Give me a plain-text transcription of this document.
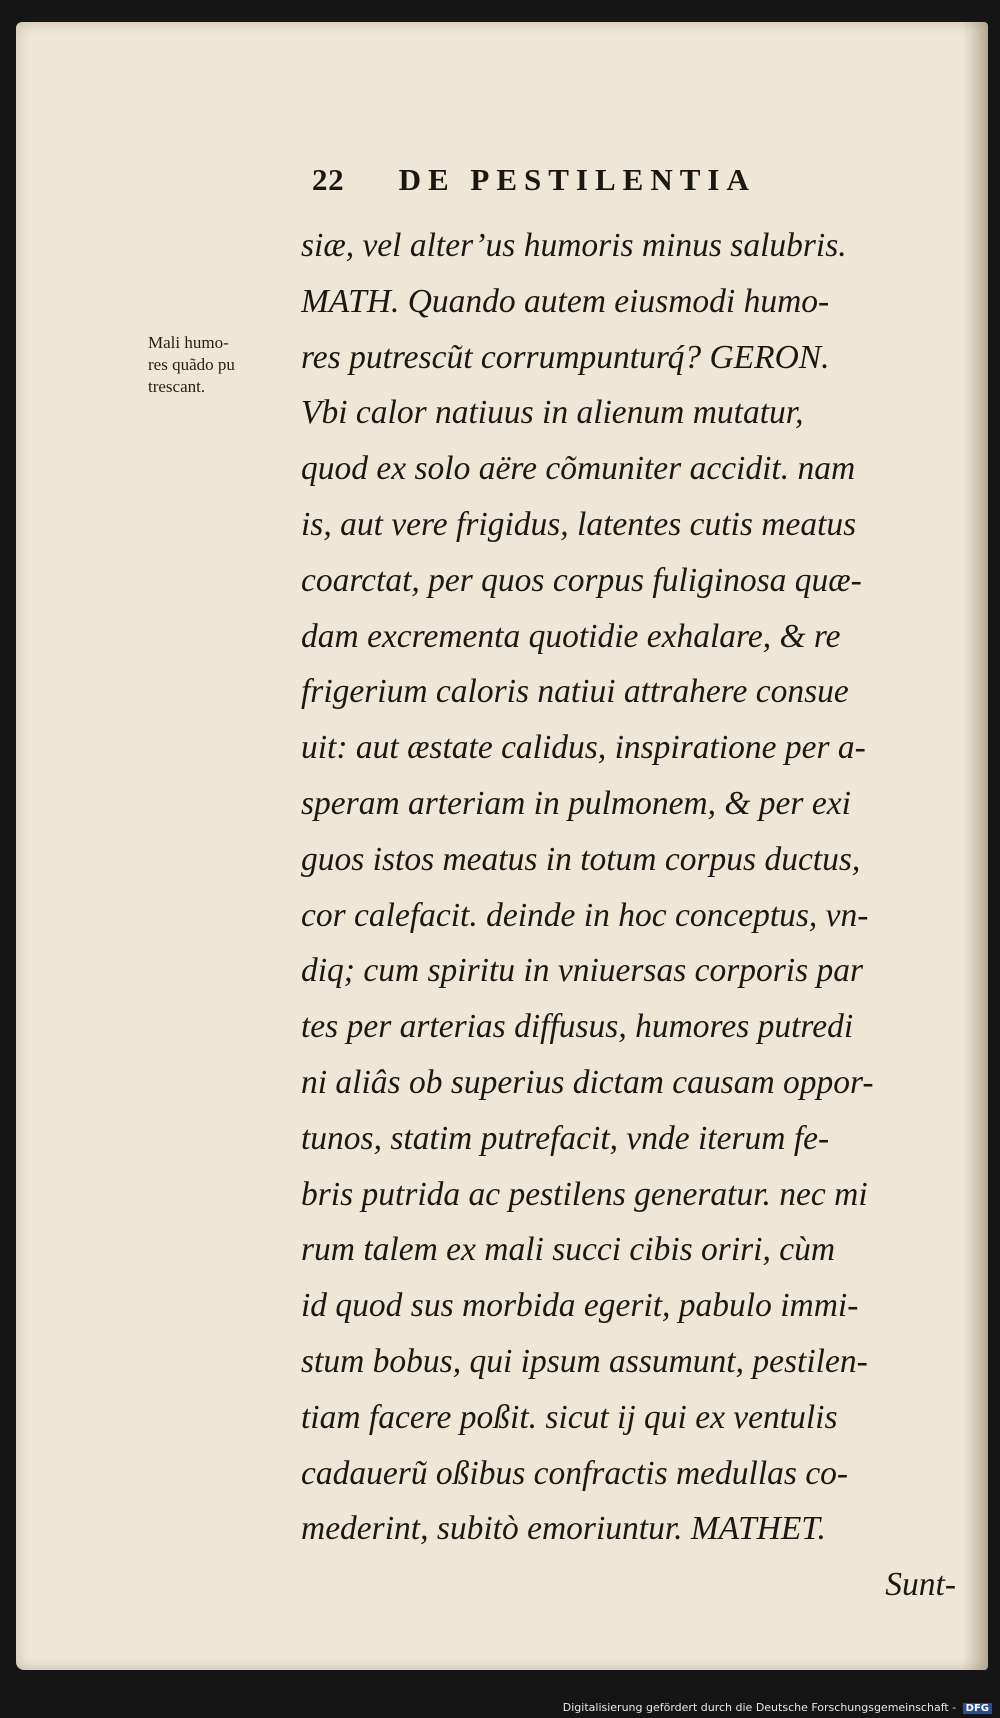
22 DE PESTILENTIA
Mali humo-
res quãdo pu
trescant.
siæ, vel alter’us humoris minus salubris.
MATH. Quando autem eiusmodi humo-
res putrescũt corrumpunturq́? GERON.
Vbi calor natiuus in alienum mutatur,
quod ex solo aëre cõmuniter accidit. nam
is, aut vere frigidus, latentes cutis meatus
coarctat, per quos corpus fuliginosa quæ-
dam excrementa quotidie exhalare, & re
frigerium caloris natiui attrahere consue
uit: aut æstate calidus, inspiratione per a-
speram arteriam in pulmonem, & per exi
guos istos meatus in totum corpus ductus,
cor calefacit. deinde in hoc conceptus, vn-
diq; cum spiritu in vniuersas corporis par
tes per arterias diffusus, humores putredi
ni aliâs ob superius dictam causam oppor-
tunos, statim putrefacit, vnde iterum fe-
bris putrida ac pestilens generatur. nec mi
rum talem ex mali succi cibis oriri, cùm
id quod sus morbida egerit, pabulo immi-
stum bobus, qui ipsum assumunt, pestilen-
tiam facere poßit. sicut ij qui ex ventulis
cadauerũ oßibus confractis medullas co-
mederint, subitò emoriuntur. MATHET.
Sunt-
Digitalisierung gefördert durch die Deutsche Forschungsgemeinschaft - DFG
